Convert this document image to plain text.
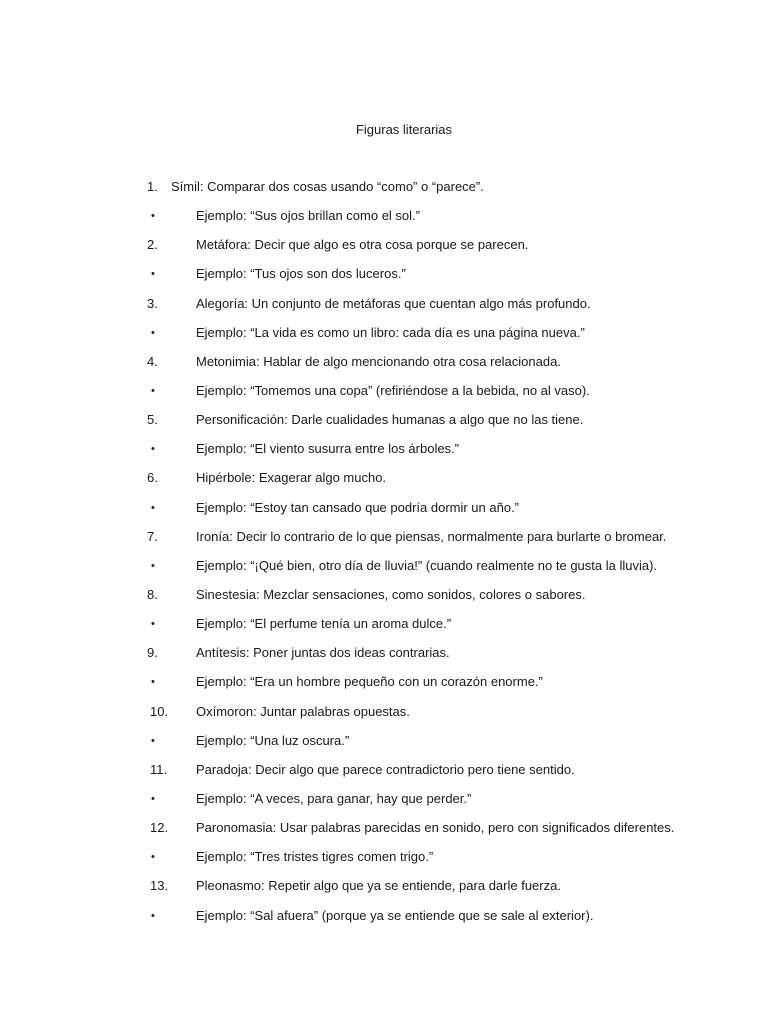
Figuras literarias
1. Símil: Comparar dos cosas usando “como” o “parece”.
•	Ejemplo: “Sus ojos brillan como el sol.”
2.	Metáfora: Decir que algo es otra cosa porque se parecen.
•	Ejemplo: “Tus ojos son dos luceros.”
3.	Alegoría: Un conjunto de metáforas que cuentan algo más profundo.
•	Ejemplo: “La vida es como un libro: cada día es una página nueva.”
4.	Metonimia: Hablar de algo mencionando otra cosa relacionada.
•	Ejemplo: “Tomemos una copa” (refiriéndose a la bebida, no al vaso).
5.	Personificación: Darle cualidades humanas a algo que no las tiene.
•	Ejemplo: “El viento susurra entre los árboles.”
6.	Hipérbole: Exagerar algo mucho.
•	Ejemplo: “Estoy tan cansado que podría dormir un año.”
7.	Ironía: Decir lo contrario de lo que piensas, normalmente para burlarte o bromear.
•	Ejemplo: “¡Qué bien, otro día de lluvia!” (cuando realmente no te gusta la lluvia).
8.	Sinestesia: Mezclar sensaciones, como sonidos, colores o sabores.
•	Ejemplo: “El perfume tenía un aroma dulce.”
9.	Antítesis: Poner juntas dos ideas contrarias.
•	Ejemplo: “Era un hombre pequeño con un corazón enorme.”
10. Oxímoron: Juntar palabras opuestas.
•	Ejemplo: “Una luz oscura.”
11. Paradoja: Decir algo que parece contradictorio pero tiene sentido.
•	Ejemplo: “A veces, para ganar, hay que perder.”
12. Paronomasia: Usar palabras parecidas en sonido, pero con significados diferentes.
•	Ejemplo: “Tres tristes tigres comen trigo.”
13. Pleonasmo: Repetir algo que ya se entiende, para darle fuerza.
•	Ejemplo: “Sal afuera” (porque ya se entiende que se sale al exterior).
